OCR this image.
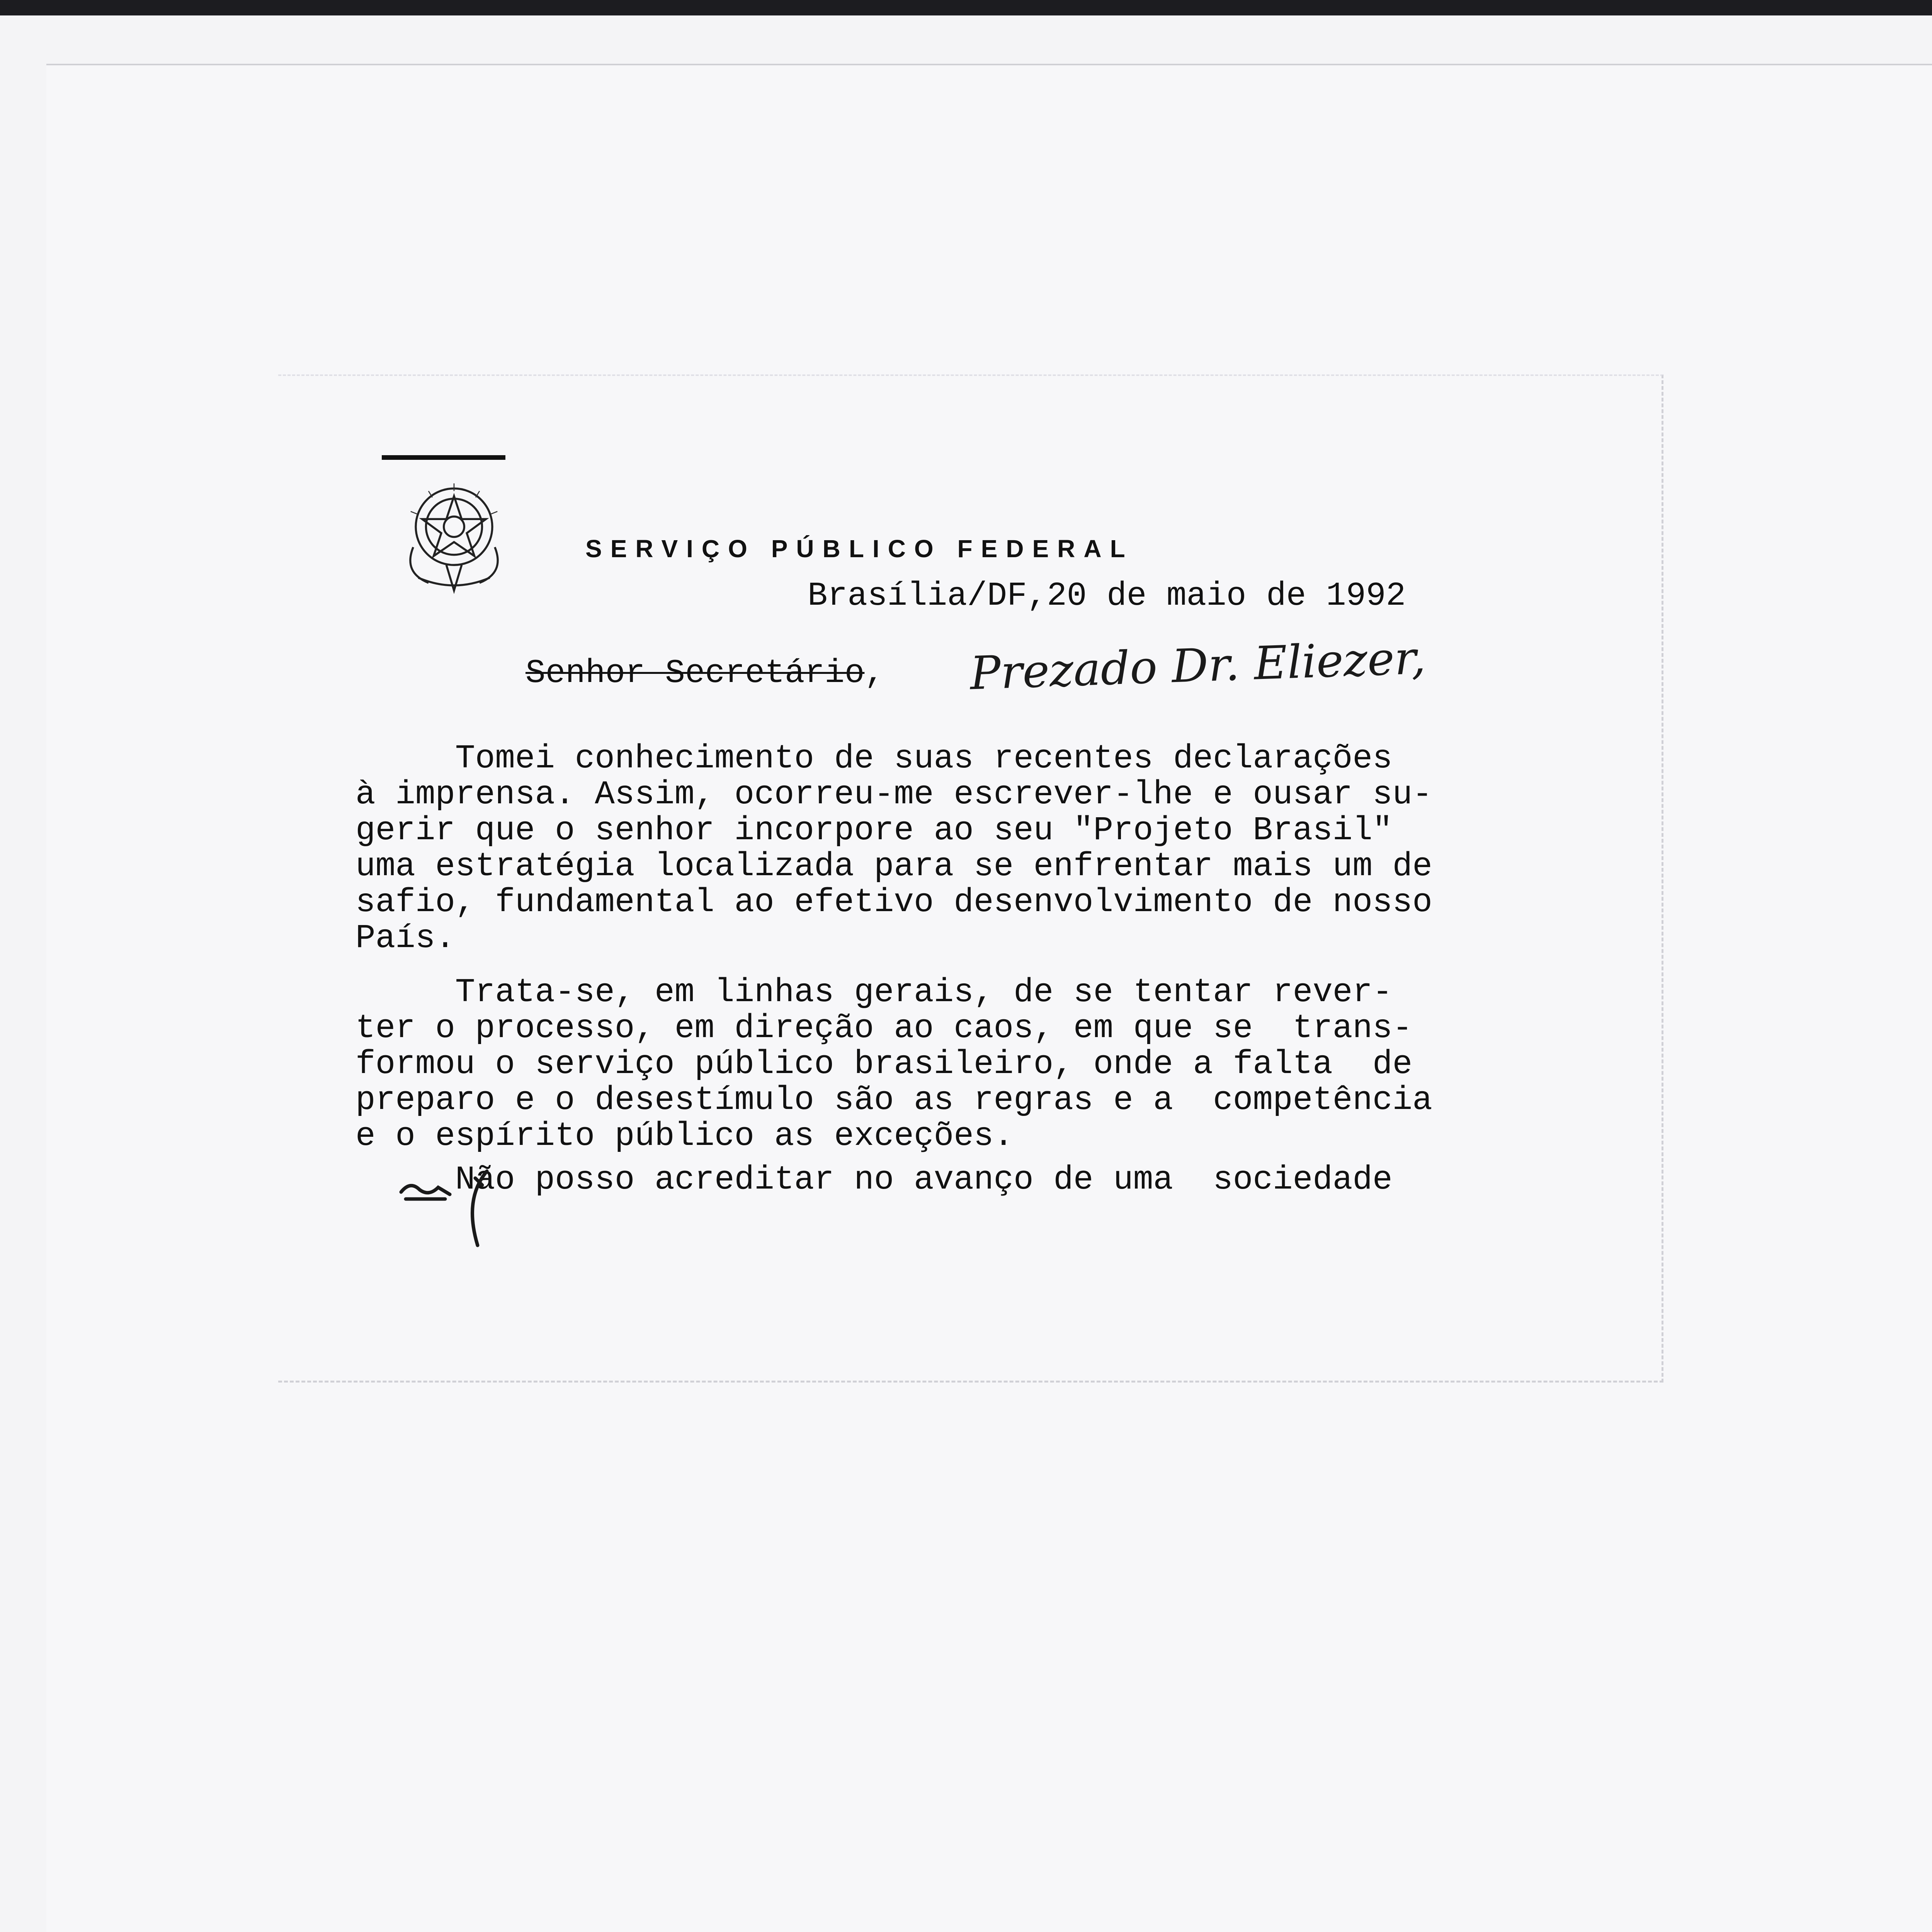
SERVIÇO PÚBLICO FEDERAL
Brasília/DF,20 de maio de 1992
Senhor Secretário, Prezado Dr. Eliezer,

Tomei conhecimento de suas recentes declarações

à imprensa. Assim, ocorreu-me escrever-lhe e ousar su-

gerir que o senhor incorpore ao seu "Projeto Brasil"

uma estratégia localizada para se enfrentar mais um de

safio, fundamental ao efetivo desenvolvimento de nosso

País.

Trata-se, em linhas gerais, de se tentar rever-

ter o processo, em direção ao caos, em que se  trans-

formou o serviço público brasileiro, onde a falta  de

preparo e o desestímulo são as regras e a  competência

e o espírito público as exceções.

Não posso acreditar no avanço de uma  sociedade
